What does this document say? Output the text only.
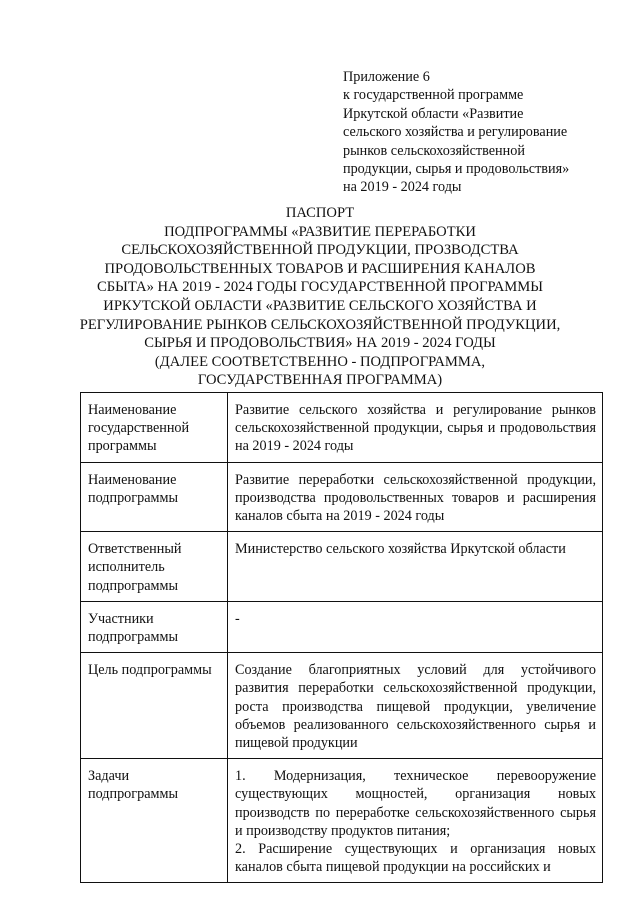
Приложение 6
к государственной программе
Иркутской области «Развитие
сельского хозяйства и регулирование
рынков сельскохозяйственной
продукции, сырья и продовольствия»
на 2019 - 2024 годы
ПАСПОРТ
ПОДПРОГРАММЫ «РАЗВИТИЕ ПЕРЕРАБОТКИ
СЕЛЬСКОХОЗЯЙСТВЕННОЙ ПРОДУКЦИИ, ПРОЗВОДСТВА
ПРОДОВОЛЬСТВЕННЫХ ТОВАРОВ И РАСШИРЕНИЯ КАНАЛОВ
СБЫТА» НА 2019 - 2024 ГОДЫ ГОСУДАРСТВЕННОЙ ПРОГРАММЫ
ИРКУТСКОЙ ОБЛАСТИ «РАЗВИТИЕ СЕЛЬСКОГО ХОЗЯЙСТВА И
РЕГУЛИРОВАНИЕ РЫНКОВ СЕЛЬСКОХОЗЯЙСТВЕННОЙ ПРОДУКЦИИ,
СЫРЬЯ И ПРОДОВОЛЬСТВИЯ» НА 2019 - 2024 ГОДЫ
(ДАЛЕЕ СООТВЕТСТВЕННО - ПОДПРОГРАММА,
ГОСУДАРСТВЕННАЯ ПРОГРАММА)
Наименование государственной программы	Развитие сельского хозяйства и регулирование рынков сельскохозяйственной продукции, сырья и продовольствия на 2019 - 2024 годы
Наименование подпрограммы	Развитие переработки сельскохозяйственной продукции, производства продовольственных товаров и расширения каналов сбыта на 2019 - 2024 годы
Ответственный исполнитель подпрограммы	Министерство сельского хозяйства Иркутской области
Участники подпрограммы	-
Цель подпрограммы	Создание благоприятных условий для устойчивого развития переработки сельскохозяйственной продукции, роста производства пищевой продукции, увеличение объемов реализованного сельскохозяйственного сырья и пищевой продукции
Задачи подпрограммы	1. Модернизация, техническое перевооружение существующих мощностей, организация новых производств по переработке сельскохозяйственного сырья и производству продуктов питания;
2. Расширение существующих и организация новых каналов сбыта пищевой продукции на российских и
